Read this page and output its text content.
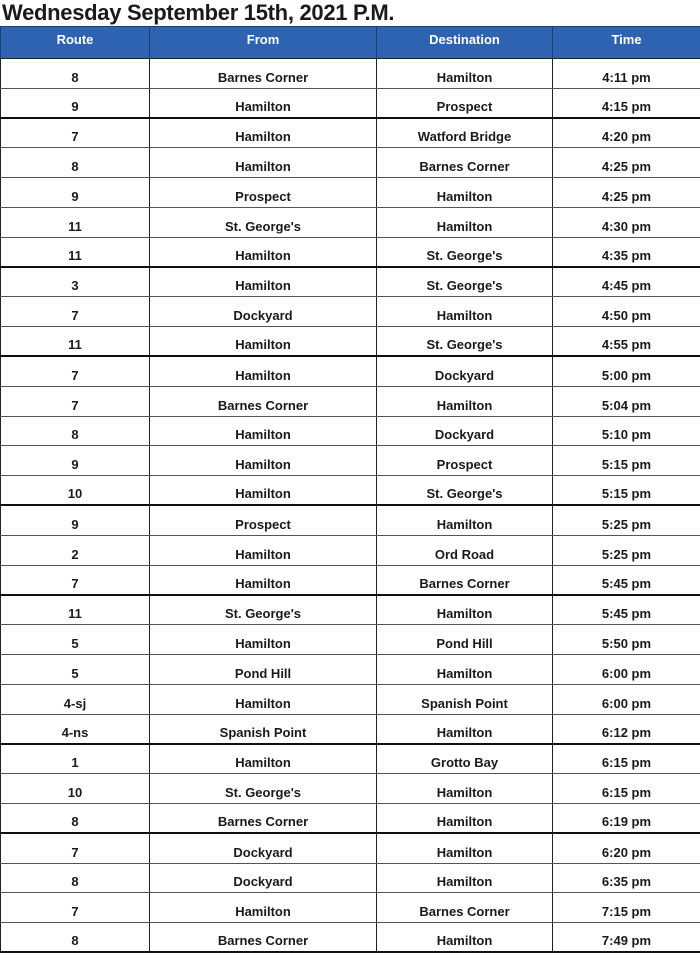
Wednesday September 15th, 2021 P.M.
Route	From	Destination	Time
8	Barnes Corner	Hamilton	4:11 pm
9	Hamilton	Prospect	4:15 pm
7	Hamilton	Watford Bridge	4:20 pm
8	Hamilton	Barnes Corner	4:25 pm
9	Prospect	Hamilton	4:25 pm
11	St. George's	Hamilton	4:30 pm
11	Hamilton	St. George's	4:35 pm
3	Hamilton	St. George's	4:45 pm
7	Dockyard	Hamilton	4:50 pm
11	Hamilton	St. George's	4:55 pm
7	Hamilton	Dockyard	5:00 pm
7	Barnes Corner	Hamilton	5:04 pm
8	Hamilton	Dockyard	5:10 pm
9	Hamilton	Prospect	5:15 pm
10	Hamilton	St. George's	5:15 pm
9	Prospect	Hamilton	5:25 pm
2	Hamilton	Ord Road	5:25 pm
7	Hamilton	Barnes Corner	5:45 pm
11	St. George's	Hamilton	5:45 pm
5	Hamilton	Pond Hill	5:50 pm
5	Pond Hill	Hamilton	6:00 pm
4-sj	Hamilton	Spanish Point	6:00 pm
4-ns	Spanish Point	Hamilton	6:12 pm
1	Hamilton	Grotto Bay	6:15 pm
10	St. George's	Hamilton	6:15 pm
8	Barnes Corner	Hamilton	6:19 pm
7	Dockyard	Hamilton	6:20 pm
8	Dockyard	Hamilton	6:35 pm
7	Hamilton	Barnes Corner	7:15 pm
8	Barnes Corner	Hamilton	7:49 pm
